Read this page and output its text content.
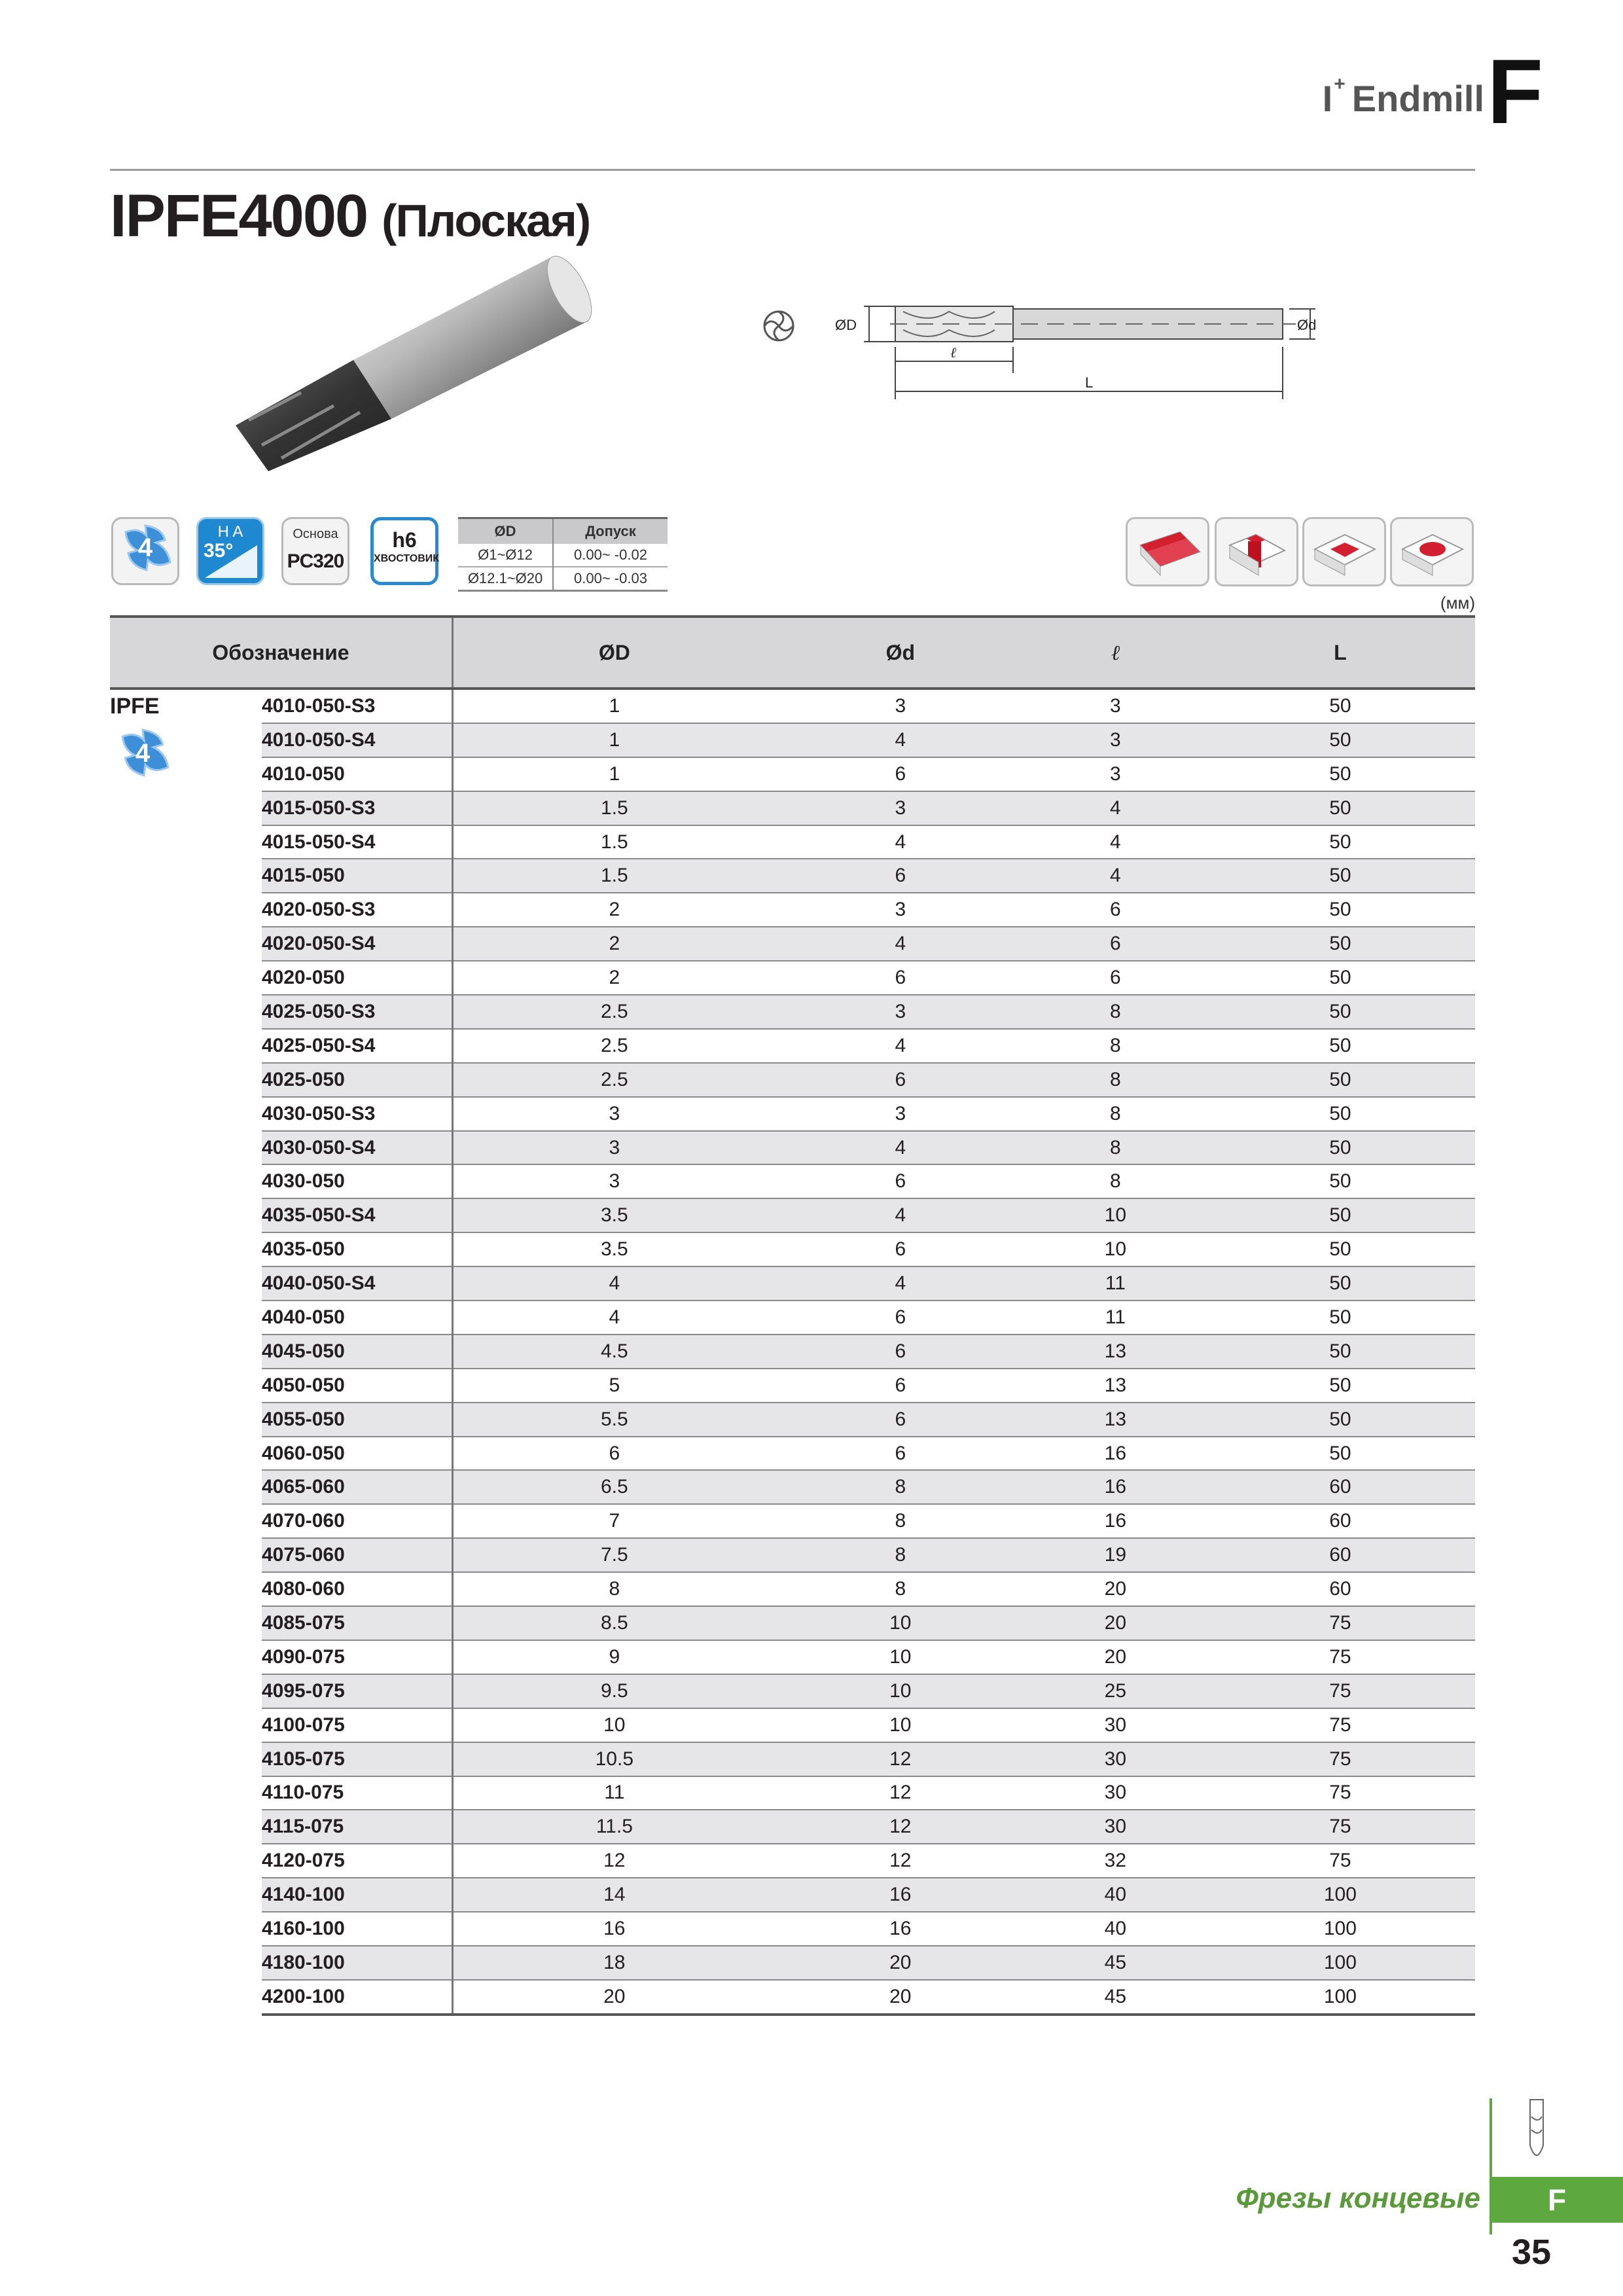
I+ Endmill F
IPFE4000 (Плоская)
ØD	Ød
ℓ
L
4
H A
35°
Основа
PC320
h6
ХВОСТОВИК
ØD	Допуск
Ø1~Ø12	0.00~ -0.02
Ø12.1~Ø20	0.00~ -0.03
(мм)
Обозначение		ØD	Ød	ℓ	L

IPFE
4	4010-050-S3	1	3	3	50
	4010-050-S4	1	4	3	50
	4010-050	1	6	3	50
	4015-050-S3	1.5	3	4	50
	4015-050-S4	1.5	4	4	50
	4015-050	1.5	6	4	50
	4020-050-S3	2	3	6	50
	4020-050-S4	2	4	6	50
	4020-050	2	6	6	50
	4025-050-S3	2.5	3	8	50
	4025-050-S4	2.5	4	8	50
	4025-050	2.5	6	8	50
	4030-050-S3	3	3	8	50
	4030-050-S4	3	4	8	50
	4030-050	3	6	8	50
	4035-050-S4	3.5	4	10	50
	4035-050	3.5	6	10	50
	4040-050-S4	4	4	11	50
	4040-050	4	6	11	50
	4045-050	4.5	6	13	50
	4050-050	5	6	13	50
	4055-050	5.5	6	13	50
	4060-050	6	6	16	50
	4065-060	6.5	8	16	60
	4070-060	7	8	16	60
	4075-060	7.5	8	19	60
	4080-060	8	8	20	60
	4085-075	8.5	10	20	75
	4090-075	9	10	20	75
	4095-075	9.5	10	25	75
	4100-075	10	10	30	75
	4105-075	10.5	12	30	75
	4110-075	11	12	30	75
	4115-075	11.5	12	30	75
	4120-075	12	12	32	75
	4140-100	14	16	40	100
	4160-100	16	16	40	100
	4180-100	18	20	45	100
	4200-100	20	20	45	100
Фрезы концевые	F
35
